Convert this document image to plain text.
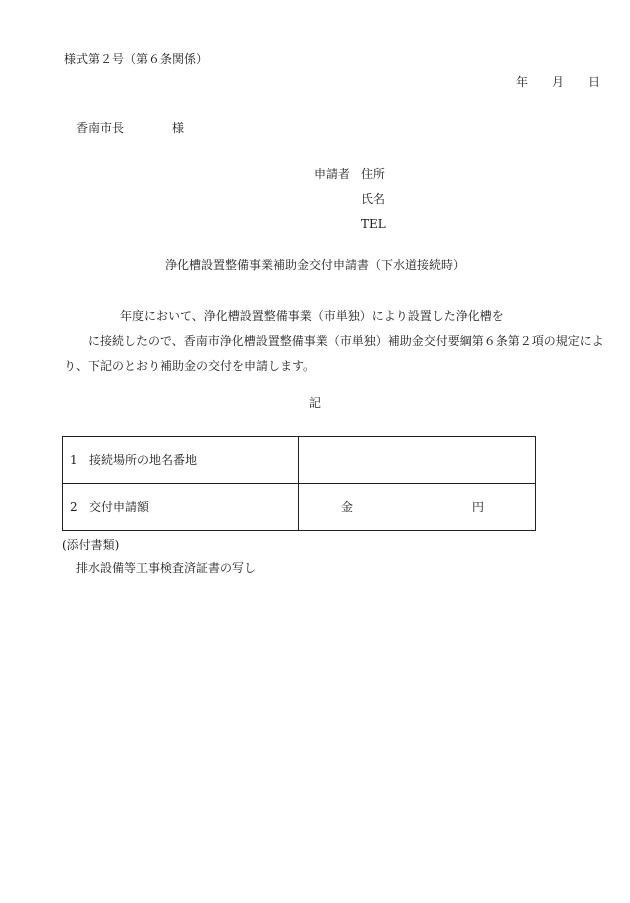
様式第２号（第６条関係）
年 月 日
香南市長	様
申請者 住所
氏名
TEL
浄化槽設置整備事業補助金交付申請書（下水道接続時）

年度において、浄化槽設置整備事業（市単独）により設置した浄化槽を

に接続したので、香南市浄化槽設置整備事業（市単独）補助金交付要綱第６条第２項の規定によ

り、下記のとおり補助金の交付を申請します。

記
1 接続場所の地名番地	
2 交付申請額	金 円
(添付書類)
排水設備等工事検査済証書の写し
